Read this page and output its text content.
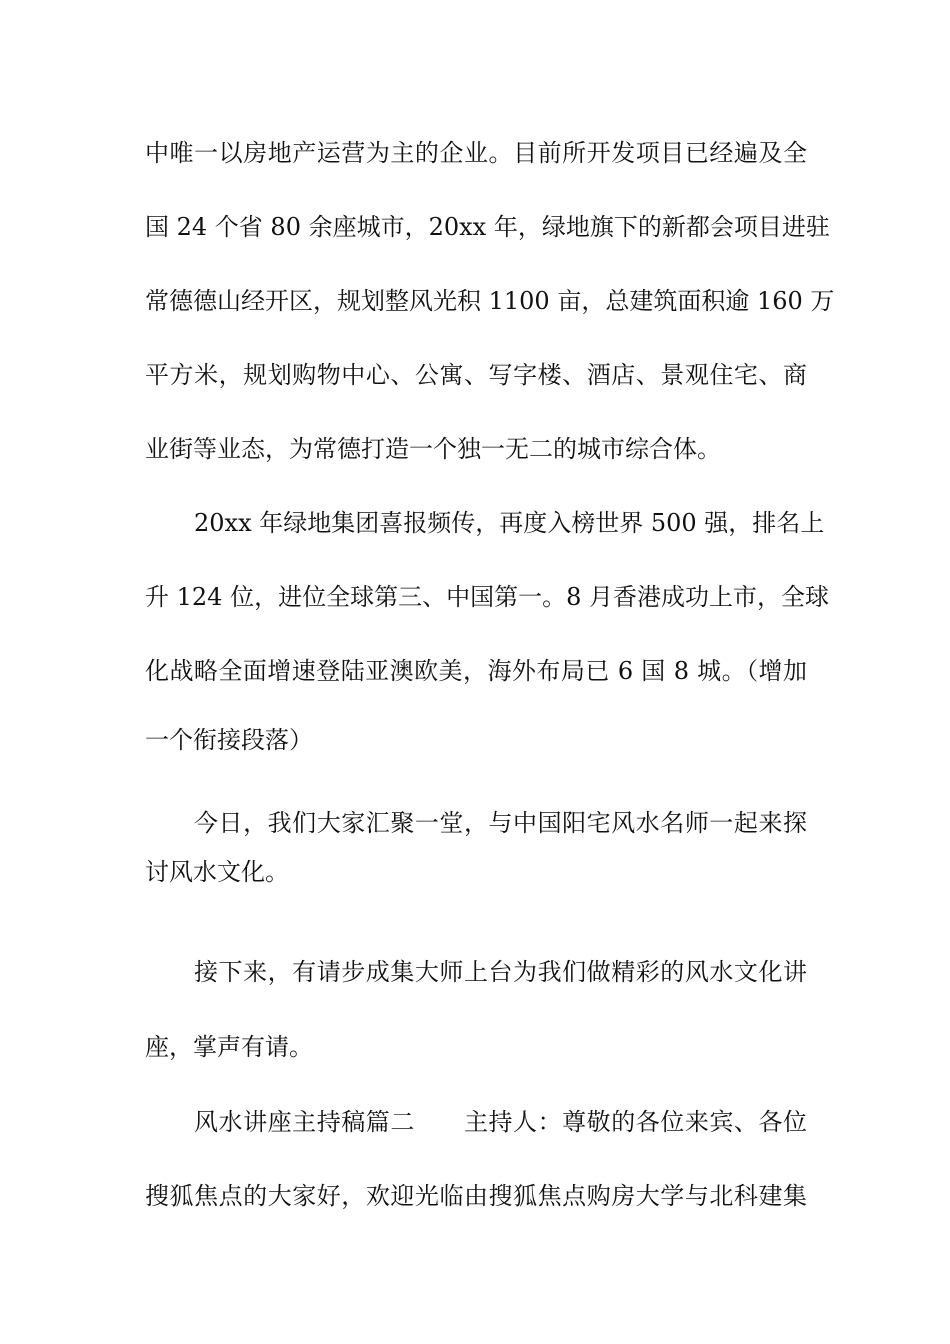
中唯一以房地产运营为主的企业。目前所开发项目已经遍及全
国 24 个省 80 余座城市，20xx 年，绿地旗下的新都会项目进驻
常德德山经开区，规划整风光积 1100 亩，总建筑面积逾 160 万
平方米，规划购物中心、公寓、写字楼、酒店、景观住宅、商
业街等业态，为常德打造一个独一无二的城市综合体。
20xx 年绿地集团喜报频传，再度入榜世界 500 强，排名上
升 124 位，进位全球第三、中国第一。8 月香港成功上市，全球
化战略全面增速登陆亚澳欧美，海外布局已 6 国 8 城。（增加
一个衔接段落）
今日，我们大家汇聚一堂，与中国阳宅风水名师一起来探
讨风水文化。
接下来，有请步成集大师上台为我们做精彩的风水文化讲
座，掌声有请。
风水讲座主持稿篇二　　主持人：尊敬的各位来宾、各位
搜狐焦点的大家好，欢迎光临由搜狐焦点购房大学与北科建集
